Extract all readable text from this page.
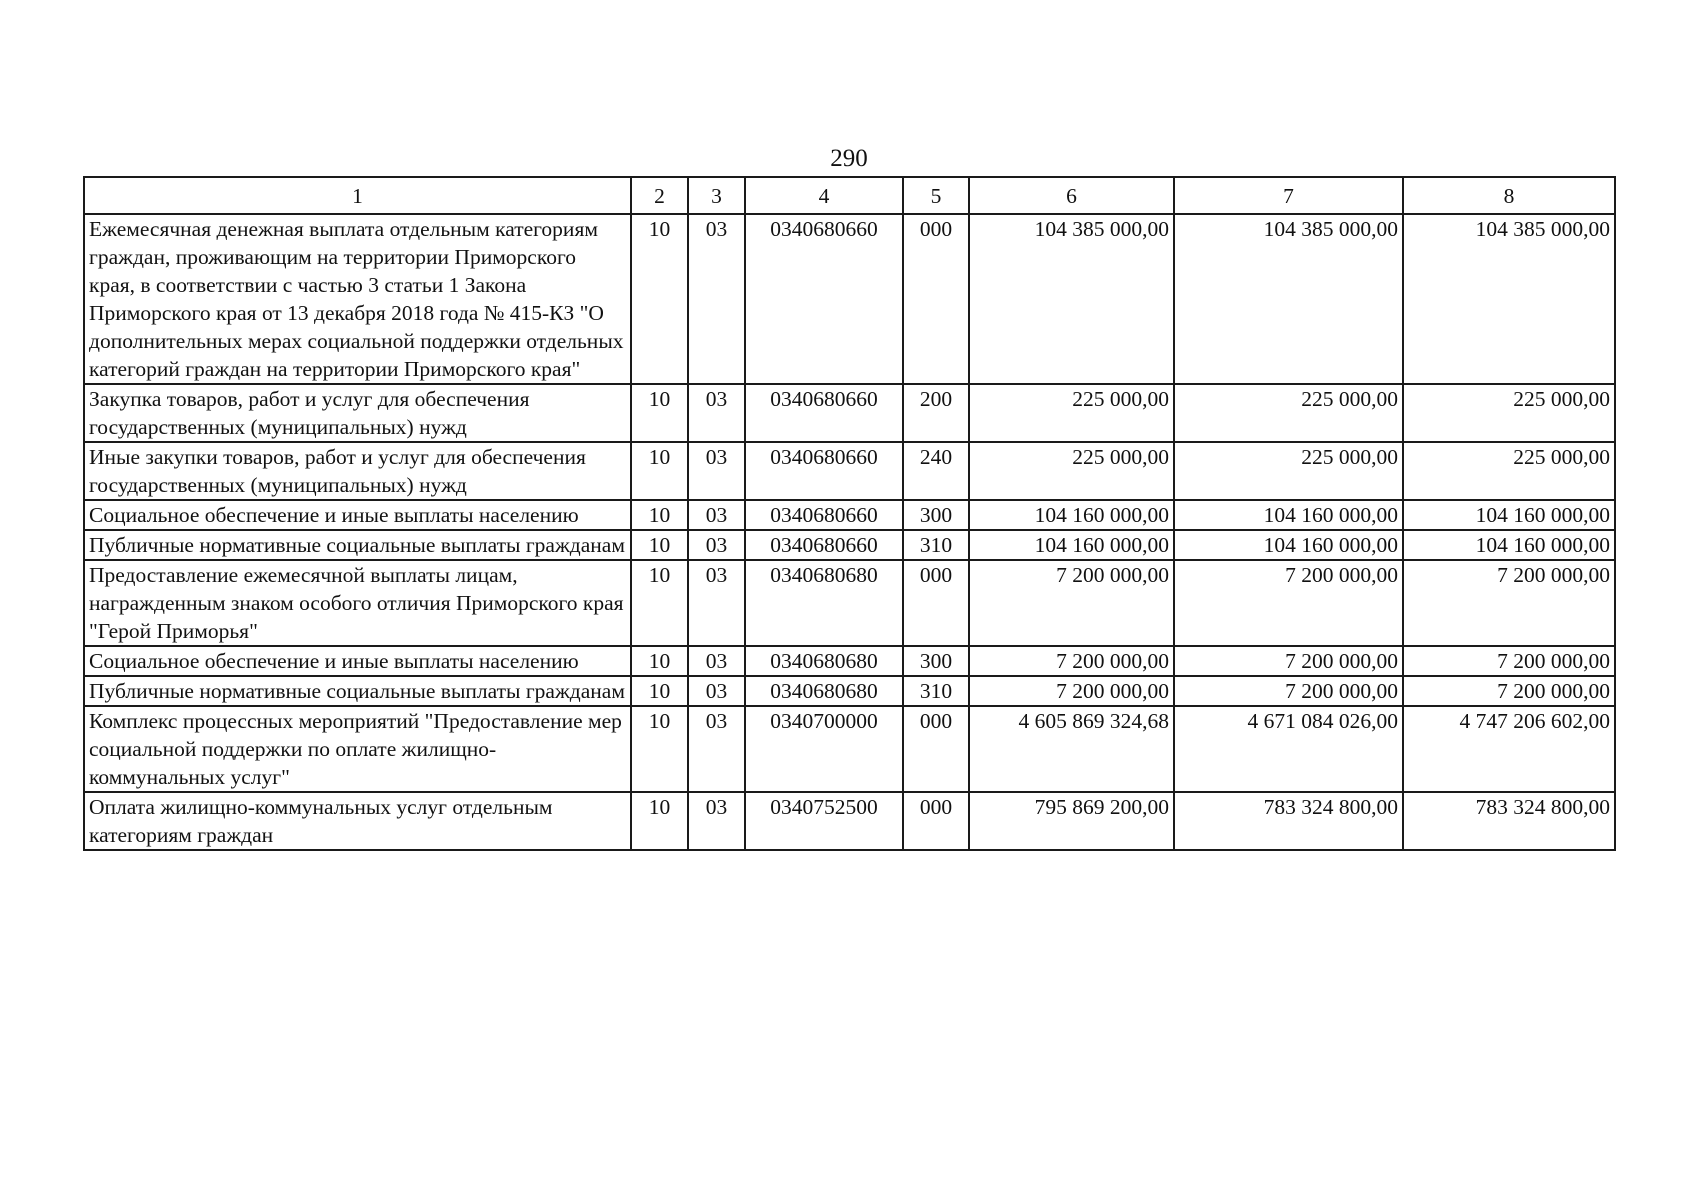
290
1	2	3	4	5	6	7	8
Ежемесячная денежная выплата отдельным категориям граждан, проживающим на территории Приморского края, в соответствии с частью 3 статьи 1 Закона Приморского края от 13 декабря 2018 года № 415-КЗ "О дополнительных мерах социальной поддержки отдельных категорий граждан на территории Приморского края"	10	03	0340680660	000	104 385 000,00	104 385 000,00	104 385 000,00
Закупка товаров, работ и услуг для обеспечения государственных (муниципальных) нужд	10	03	0340680660	200	225 000,00	225 000,00	225 000,00
Иные закупки товаров, работ и услуг для обеспечения государственных (муниципальных) нужд	10	03	0340680660	240	225 000,00	225 000,00	225 000,00
Социальное обеспечение и иные выплаты населению	10	03	0340680660	300	104 160 000,00	104 160 000,00	104 160 000,00
Публичные нормативные социальные выплаты гражданам	10	03	0340680660	310	104 160 000,00	104 160 000,00	104 160 000,00
Предоставление ежемесячной выплаты лицам, награжденным знаком особого отличия Приморского края "Герой Приморья"	10	03	0340680680	000	7 200 000,00	7 200 000,00	7 200 000,00
Социальное обеспечение и иные выплаты населению	10	03	0340680680	300	7 200 000,00	7 200 000,00	7 200 000,00
Публичные нормативные социальные выплаты гражданам	10	03	0340680680	310	7 200 000,00	7 200 000,00	7 200 000,00
Комплекс процессных мероприятий "Предоставление мер социальной поддержки по оплате жилищно-коммунальных услуг"	10	03	0340700000	000	4 605 869 324,68	4 671 084 026,00	4 747 206 602,00
Оплата жилищно-коммунальных услуг отдельным категориям граждан	10	03	0340752500	000	795 869 200,00	783 324 800,00	783 324 800,00
